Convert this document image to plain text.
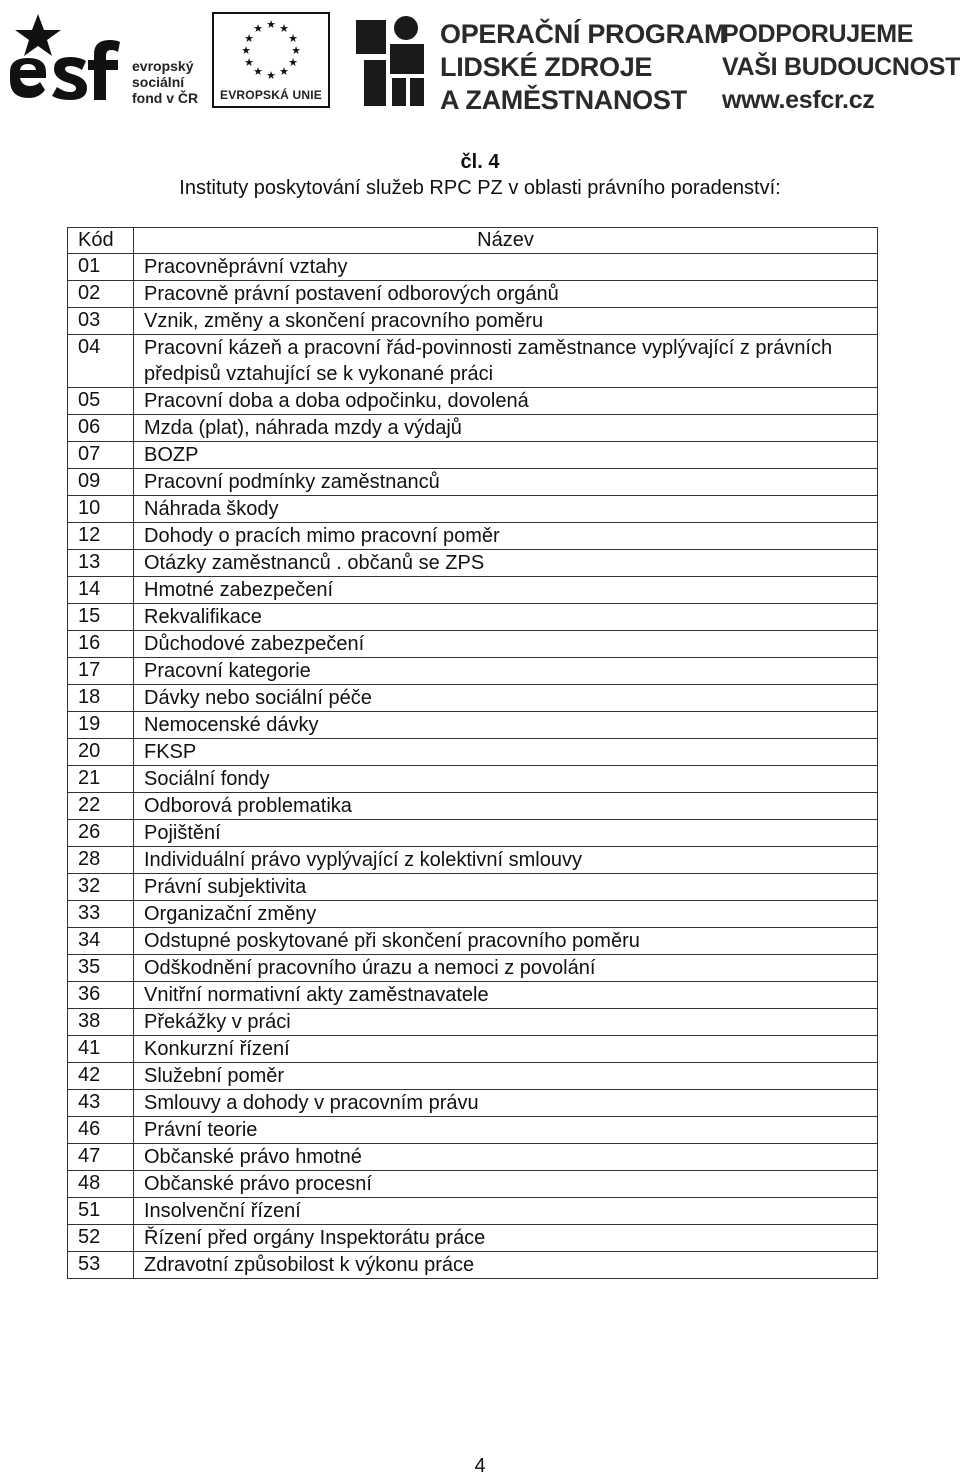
evropský
sociální
fond v ČR
★ ★
★
★
★
★
★
★
★
★
★
★
EVROPSKÁ UNIE
OPERAČNÍ PROGRAM
LIDSKÉ ZDROJE
A ZAMĚSTNANOST
PODPORUJEME
VAŠI BUDOUCNOST
www.esfcr.cz
čl. 4
Instituty poskytování služeb RPC PZ v oblasti právního poradenství:
Kód	Název
01	Pracovněprávní vztahy
02	Pracovně právní postavení odborových orgánů
03	Vznik, změny a skončení pracovního poměru
04	Pracovní kázeň a pracovní řád-povinnosti zaměstnance vyplývající z právních předpisů vztahující se k vykonané práci
05	Pracovní doba a doba odpočinku, dovolená
06	Mzda (plat), náhrada mzdy a výdajů
07	BOZP
09	Pracovní podmínky zaměstnanců
10	Náhrada škody
12	Dohody o pracích mimo pracovní poměr
13	Otázky zaměstnanců . občanů se ZPS
14	Hmotné zabezpečení
15	Rekvalifikace
16	Důchodové zabezpečení
17	Pracovní kategorie
18	Dávky nebo sociální péče
19	Nemocenské dávky
20	FKSP
21	Sociální fondy
22	Odborová problematika
26	Pojištění
28	Individuální právo vyplývající z kolektivní smlouvy
32	Právní subjektivita
33	Organizační změny
34	Odstupné poskytované při skončení pracovního poměru
35	Odškodnění pracovního úrazu a nemoci z povolání
36	Vnitřní normativní akty zaměstnavatele
38	Překážky v práci
41	Konkurzní řízení
42	Služební poměr
43	Smlouvy a dohody v pracovním právu
46	Právní teorie
47	Občanské právo hmotné
48	Občanské právo procesní
51	Insolvenční řízení
52	Řízení před orgány Inspektorátu práce
53	Zdravotní způsobilost k výkonu práce
4
